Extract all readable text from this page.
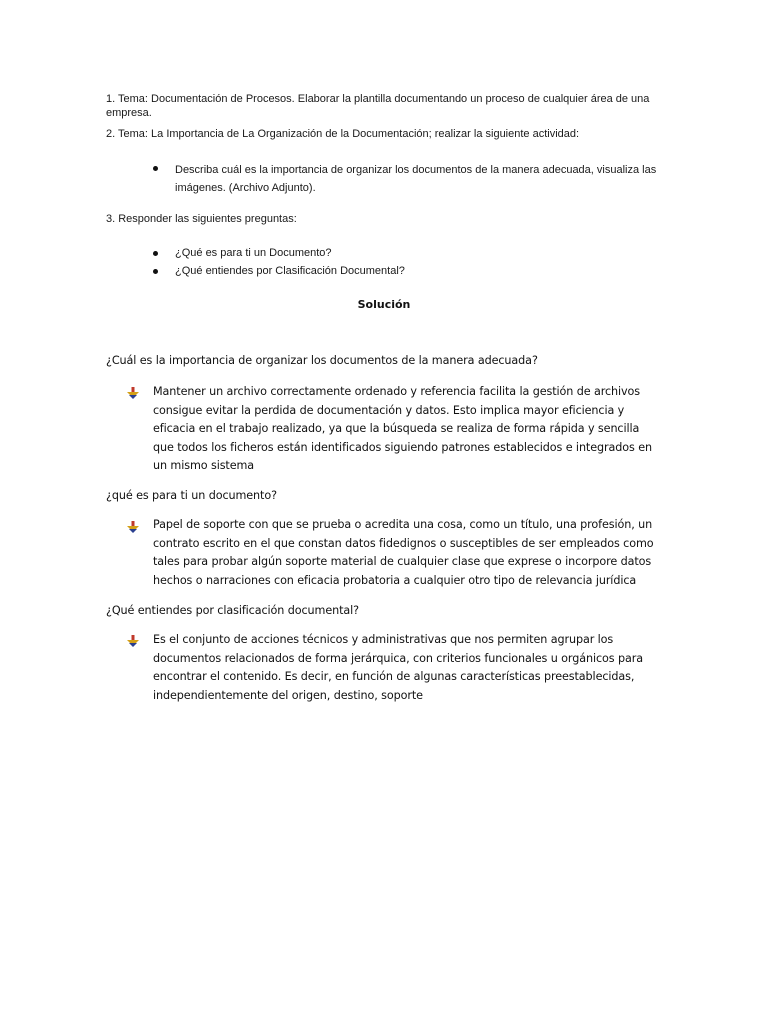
1. Tema: Documentación de Procesos. Elaborar la plantilla documentando un proceso de cualquier área de una empresa.

2. Tema: La Importancia de La Organización de la Documentación; realizar la siguiente actividad:

Describa cuál es la importancia de organizar los documentos de la manera adecuada, visualiza las imágenes. (Archivo Adjunto).

3. Responder las siguientes preguntas:

¿Qué es para ti un Documento?

¿Qué entiendes por Clasificación Documental?

Solución

¿Cuál es la importancia de organizar los documentos de la manera adecuada?

Mantener un archivo correctamente ordenado y referencia facilita la gestión de archivos consigue evitar la perdida de documentación y datos. Esto implica mayor eficiencia y eficacia en el trabajo realizado, ya que la búsqueda se realiza de forma rápida y sencilla que todos los ficheros están identificados siguiendo patrones establecidos e integrados en un mismo sistema

¿qué es para ti un documento?

Papel de soporte con que se prueba o acredita una cosa, como un título, una profesión, un contrato escrito en el que constan datos fidedignos o susceptibles de ser empleados como tales para probar algún soporte material de cualquier clase que exprese o incorpore datos hechos o narraciones con eficacia probatoria a cualquier otro tipo de relevancia jurídica

¿Qué entiendes por clasificación documental?

Es el conjunto de acciones técnicos y administrativas que nos permiten agrupar los documentos relacionados de forma jerárquica, con criterios funcionales u orgánicos para encontrar el contenido. Es decir, en función de algunas características preestablecidas, independientemente del origen, destino, soporte
